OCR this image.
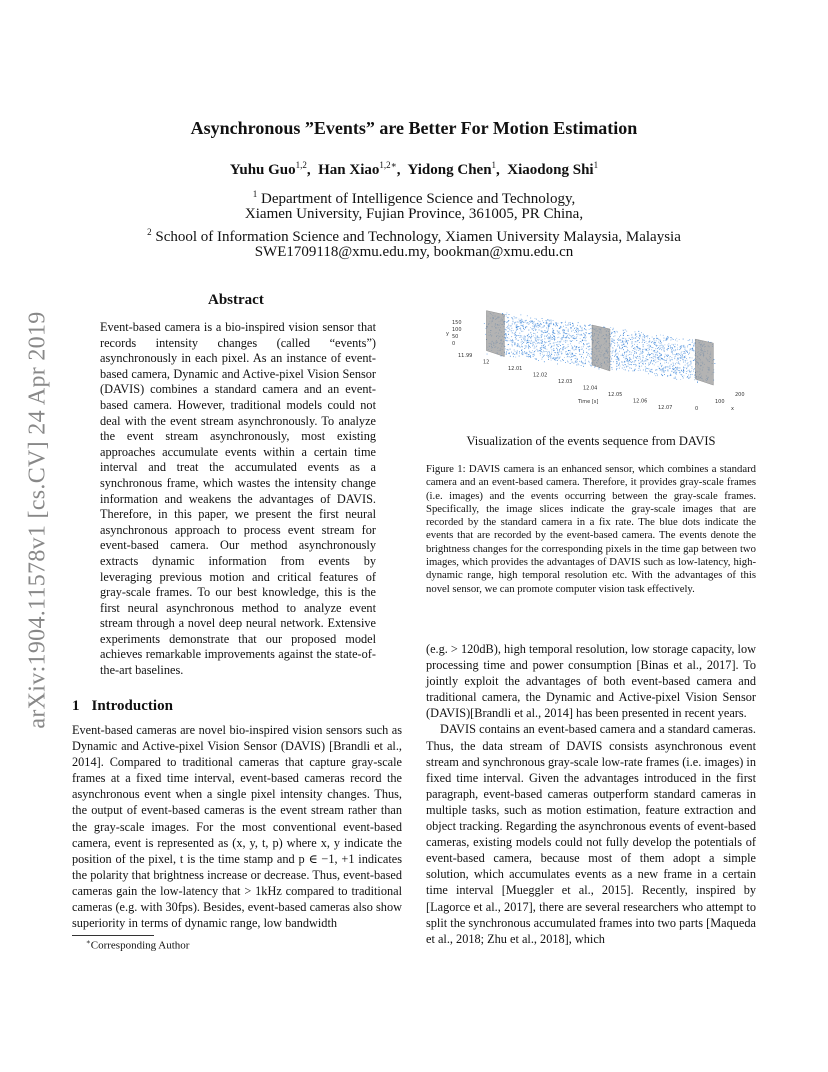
arXiv:1904.11578v1 [cs.CV] 24 Apr 2019
Asynchronous ”Events” are Better For Motion Estimation
Yuhu Guo$^{1,2}$,  Han Xiao$^{1,2∗}$,  Yidong Chen$^1$,  Xiaodong Shi$^1$
$^1$ Department of Intelligence Science and Technology,
Xiamen University, Fujian Province, 361005, PR China,
$^2$ School of Information Science and Technology, Xiamen University Malaysia, Malaysia
SWE1709118@xmu.edu.my, bookman@xmu.edu.cn
Abstract
Event-based camera is a bio-inspired vision sensor that records intensity changes (called “events”) asynchronously in each pixel. As an instance of event-based camera, Dynamic and Active-pixel Vision Sensor (DAVIS) combines a standard camera and an event-based camera. However, traditional models could not deal with the event stream asynchronously. To analyze the event stream asynchronously, most existing approaches accumulate events within a certain time interval and treat the accumulated events as a synchronous frame, which wastes the intensity change information and weakens the advantages of DAVIS. Therefore, in this paper, we present the first neural asynchronous approach to process event stream for event-based camera. Our method asynchronously extracts dynamic information from events by leveraging previous motion and critical features of gray-scale frames. To our best knowledge, this is the first neural asynchronous method to analyze event stream through a novel deep neural network. Extensive experiments demonstrate that our proposed model achieves remarkable improvements against the state-of-the-art baselines.
1 Introduction
Event-based cameras are novel bio-inspired vision sensors such as Dynamic and Active-pixel Vision Sensor (DAVIS) [Brandli et al., 2014]. Compared to traditional cameras that capture gray-scale frames at a fixed time interval, event-based cameras record the asynchronous event when a single pixel intensity changes. Thus, the output of event-based cameras is the event stream rather than the gray-scale images. For the most conventional event-based camera, event is represented as (x, y, t, p) where x, y indicate the position of the pixel, t is the time stamp and p ∈ −1, +1 indicates the polarity that brightness increase or decrease. Thus, event-based cameras gain the low-latency that > 1kHz compared to traditional cameras (e.g. with 30fps). Besides, event-based cameras also show superiority in terms of dynamic range, low bandwidth
(e.g. > 120dB), high temporal resolution, low storage capacity, low processing time and power consumption [Binas et al., 2017]. To jointly exploit the advantages of both event-based camera and traditional camera, the Dynamic and Active-pixel Vision Sensor (DAVIS)[Brandli et al., 2014] has been presented in recent years.
DAVIS contains an event-based camera and a standard cameras. Thus, the data stream of DAVIS consists asynchronous event stream and synchronous gray-scale low-rate frames (i.e. images) in fixed time interval. Given the advantages introduced in the first paragraph, event-based cameras outperform standard cameras in multiple tasks, such as motion estimation, feature extraction and object tracking. Regarding the asynchronous events of event-based cameras, existing models could not fully develop the potentials of event-based camera, because most of them adopt a simple solution, which accumulates events as a new frame in a certain time interval [Mueggler et al., 2015]. Recently, inspired by [Lagorce et al., 2017], there are several researchers who attempt to split the synchronous accumulated frames into two parts [Maqueda et al., 2018; Zhu et al., 2018], which
∗Corresponding Author
150
100
50
0
y
11.99
12
12.01
12.02
12.03
12.04
12.05
12.06
12.07
Time [s]
200
100
0	x
Visualization of the events sequence from DAVIS
Figure 1: DAVIS camera is an enhanced sensor, which combines a standard camera and an event-based camera. Therefore, it provides gray-scale frames (i.e. images) and the events occurring between the gray-scale frames. Specifically, the image slices indicate the gray-scale images that are recorded by the standard camera in a fix rate. The blue dots indicate the events that are recorded by the event-based camera. The events denote the brightness changes for the corresponding pixels in the time gap between two images, which provides the advantages of DAVIS such as low-latency, high-dynamic range, high temporal resolution etc. With the advantages of this novel sensor, we can promote computer vision task effectively.
